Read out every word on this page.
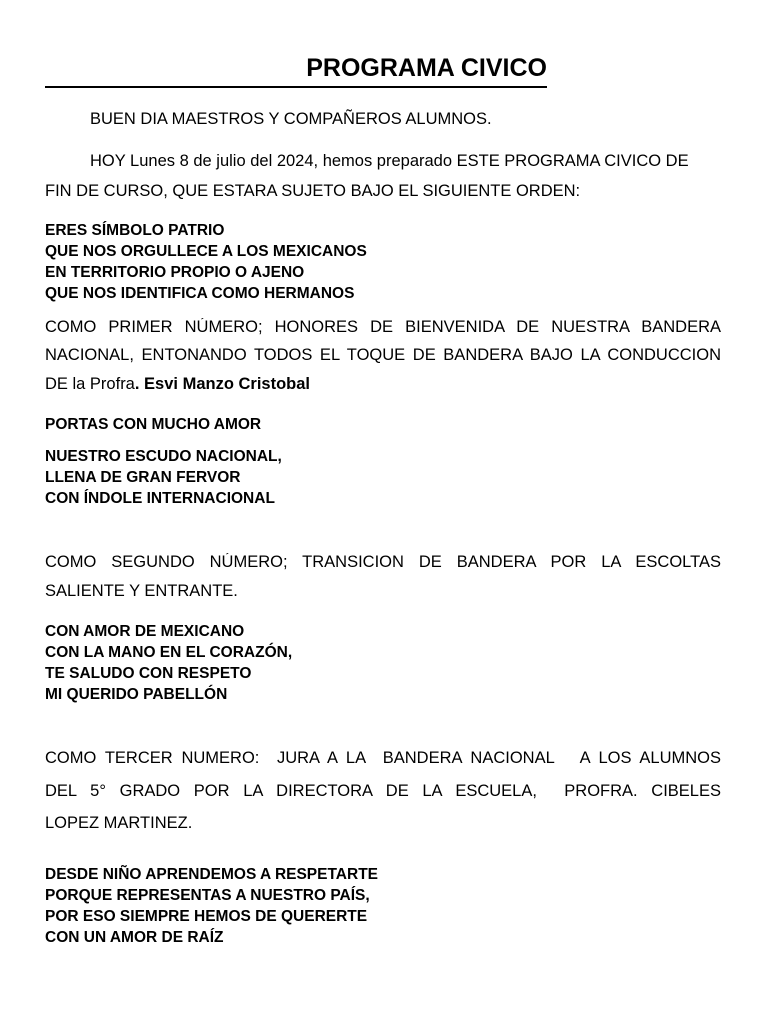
PROGRAMA CIVICO
BUEN DIA MAESTROS Y COMPAÑEROS ALUMNOS.
HOY Lunes 8 de julio del 2024, hemos preparado ESTE PROGRAMA CIVICO DE
FIN DE CURSO, QUE ESTARA SUJETO BAJO EL SIGUIENTE ORDEN:
ERES SÍMBOLO PATRIO
QUE NOS ORGULLECE A LOS MEXICANOS
EN TERRITORIO PROPIO O AJENO
QUE NOS IDENTIFICA COMO HERMANOS
COMO PRIMER NÚMERO; HONORES DE BIENVENIDA DE NUESTRA BANDERA
NACIONAL, ENTONANDO TODOS EL TOQUE DE BANDERA BAJO LA CONDUCCION
DE la Profra. Esvi Manzo Cristobal
PORTAS CON MUCHO AMOR
NUESTRO ESCUDO NACIONAL,
LLENA DE GRAN FERVOR
CON ÍNDOLE INTERNACIONAL
COMO SEGUNDO NÚMERO; TRANSICION DE BANDERA POR LA ESCOLTAS
SALIENTE Y ENTRANTE.
CON AMOR DE MEXICANO
CON LA MANO EN EL CORAZÓN,
TE SALUDO CON RESPETO
MI QUERIDO PABELLÓN
COMO TERCER NUMERO:  JURA A LA  BANDERA NACIONAL   A LOS ALUMNOS
DEL 5° GRADO POR LA DIRECTORA DE LA ESCUELA,  PROFRA. CIBELES
LOPEZ MARTINEZ.
DESDE NIÑO APRENDEMOS A RESPETARTE
PORQUE REPRESENTAS A NUESTRO PAÍS,
POR ESO SIEMPRE HEMOS DE QUERERTE
CON UN AMOR DE RAÍZ
